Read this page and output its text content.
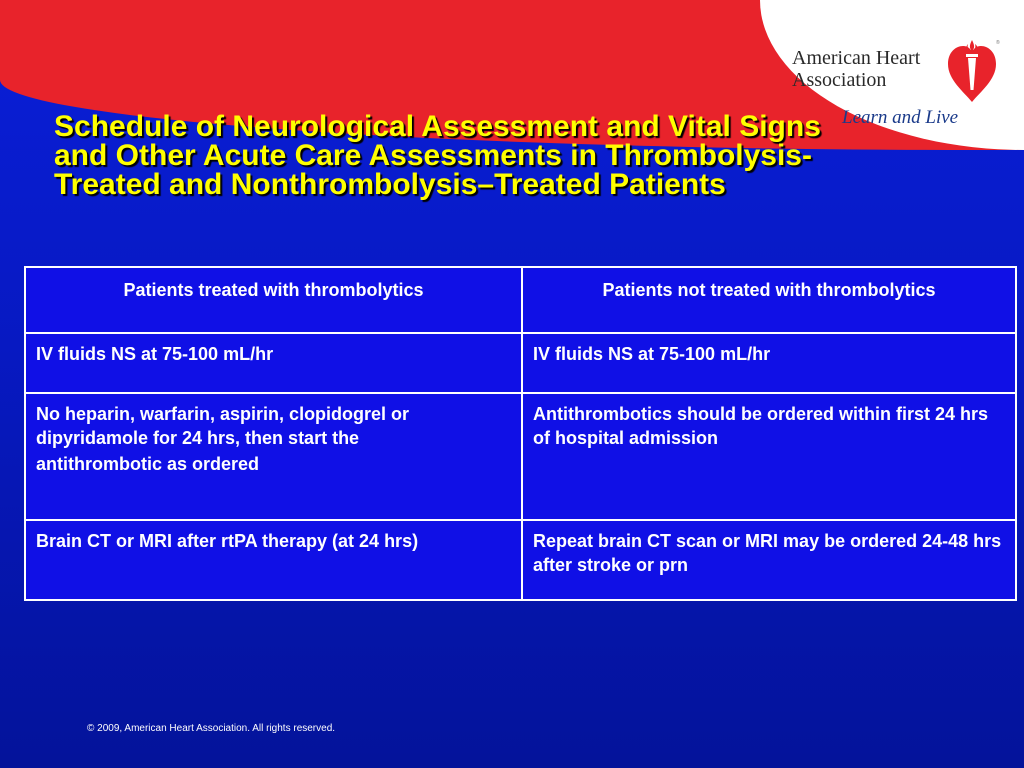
American Heart
Association
Learn and Live
®
Schedule of Neurological Assessment and Vital Signs and Other Acute Care Assessments in Thrombolysis-Treated and Nonthrombolysis–Treated Patients
Patients treated with thrombolytics	Patients not treated with thrombolytics
IV fluids NS at 75-100 mL/hr	IV fluids NS at 75-100 mL/hr
No heparin, warfarin, aspirin, clopidogrel or dipyridamole for 24 hrs, then start the
antithrombotic as ordered	Antithrombotics should be ordered within first 24 hrs of hospital admission
Brain CT or MRI after rtPA therapy (at 24 hrs)	Repeat brain CT scan or MRI may be ordered 24-48 hrs after stroke or prn
© 2009, American Heart Association. All rights reserved.
